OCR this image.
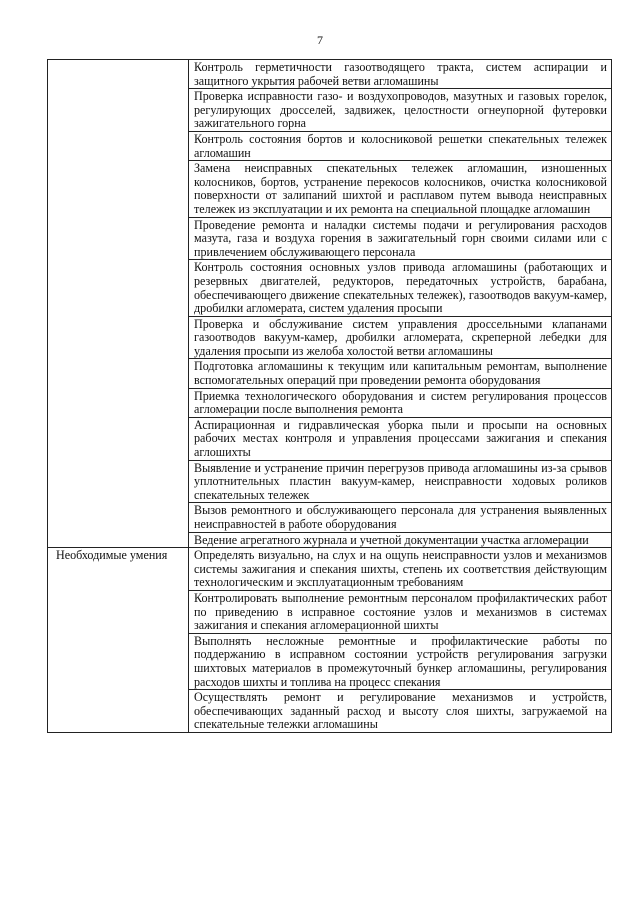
7

	Контроль герметичности газоотводящего тракта, систем аспирации и защитного укрытия рабочей ветви агломашины

	Проверка исправности газо- и воздухопроводов, мазутных и газовых горелок, регулирующих дросселей, задвижек, целостности огнеупорной футеровки зажигательного горна

	Контроль состояния бортов и колосниковой решетки спекательных тележек агломашин

	Замена неисправных спекательных тележек агломашин, изношенных колосников, бортов, устранение перекосов колосников, очистка колосниковой поверхности от залипаний шихтой и расплавом путем вывода неисправных тележек из эксплуатации и их ремонта на специальной площадке агломашин

	Проведение ремонта и наладки системы подачи и регулирования расходов мазута, газа и воздуха горения в зажигательный горн своими силами или с привлечением обслуживающего персонала

	Контроль состояния основных узлов привода агломашины (работающих и резервных двигателей, редукторов, передаточных устройств, барабана, обеспечивающего движение спекательных тележек), газоотводов вакуум-камер, дробилки агломерата, систем удаления просыпи

	Проверка и обслуживание систем управления дроссельными клапанами газоотводов вакуум-камер, дробилки агломерата, скреперной лебедки для удаления просыпи из желоба холостой ветви агломашины

	Подготовка агломашины к текущим или капитальным ремонтам, выполнение вспомогательных операций при проведении ремонта оборудования

	Приемка технологического оборудования и систем регулирования процессов агломерации после выполнения ремонта

	Аспирационная и гидравлическая уборка пыли и просыпи на основных рабочих местах контроля и управления процессами зажигания и спекания аглошихты

	Выявление и устранение причин перегрузов привода агломашины из-за срывов уплотнительных пластин вакуум-камер, неисправности ходовых роликов спекательных тележек

	Вызов ремонтного и обслуживающего персонала для устранения выявленных неисправностей в работе оборудования

	Ведение агрегатного журнала и учетной документации участка агломерации

Необходимые умения	Определять визуально, на слух и на ощупь неисправности узлов и механизмов системы зажигания и спекания шихты, степень их соответствия действующим технологическим и эксплуатационным требованиям

	Контролировать выполнение ремонтным персоналом профилактических работ по приведению в исправное состояние узлов и механизмов в системах зажигания и спекания агломерационной шихты

	Выполнять несложные ремонтные и профилактические работы по поддержанию в исправном состоянии устройств регулирования загрузки шихтовых материалов в промежуточный бункер агломашины, регулирования расходов шихты и топлива на процесс спекания

	Осуществлять ремонт и регулирование механизмов и устройств, обеспечивающих заданный расход и высоту слоя шихты, загружаемой на спекательные тележки агломашины
